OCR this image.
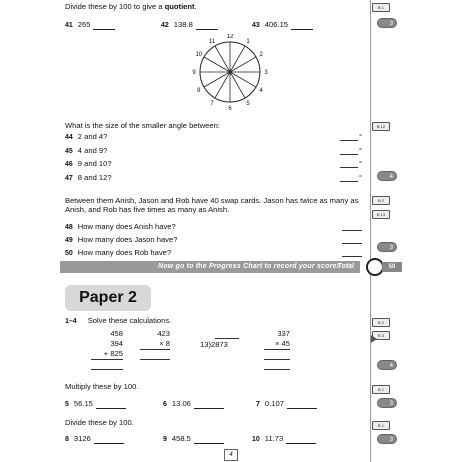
Divide these by 100 to give a quotient.
41 265	42 138.8	43 406.15
B 1
3
12
1
2
3
4
5
6
7
8
9
10
11
What is the size of the smaller angle between:	B 12
44 2 and 4?
45 4 and 9?
46 9 and 10?
47 8 and 12?
°
°
°
°	4
Between them Anish, Jason and Rob have 40 swap cards. Jason has twice as many as
Anish, and Rob has five times as many as Anish.
B 2
B 13
48 How many does Anish have?
49 How many does Jason have?
50 How many does Rob have?	3
Now go to the Progress Chart to record your score!
Total	50
Paper 2
1–4 Solve these calculations.	B 2
B 3
458
394
+ 825
423
× 8	13)2873
337
× 45
4
Multiply these by 100.	B 1
5 56.15	6 13.06	7 0.107	3
Divide these by 100.	B 1
8 3126	9 458.5	10 11.73	3
4
